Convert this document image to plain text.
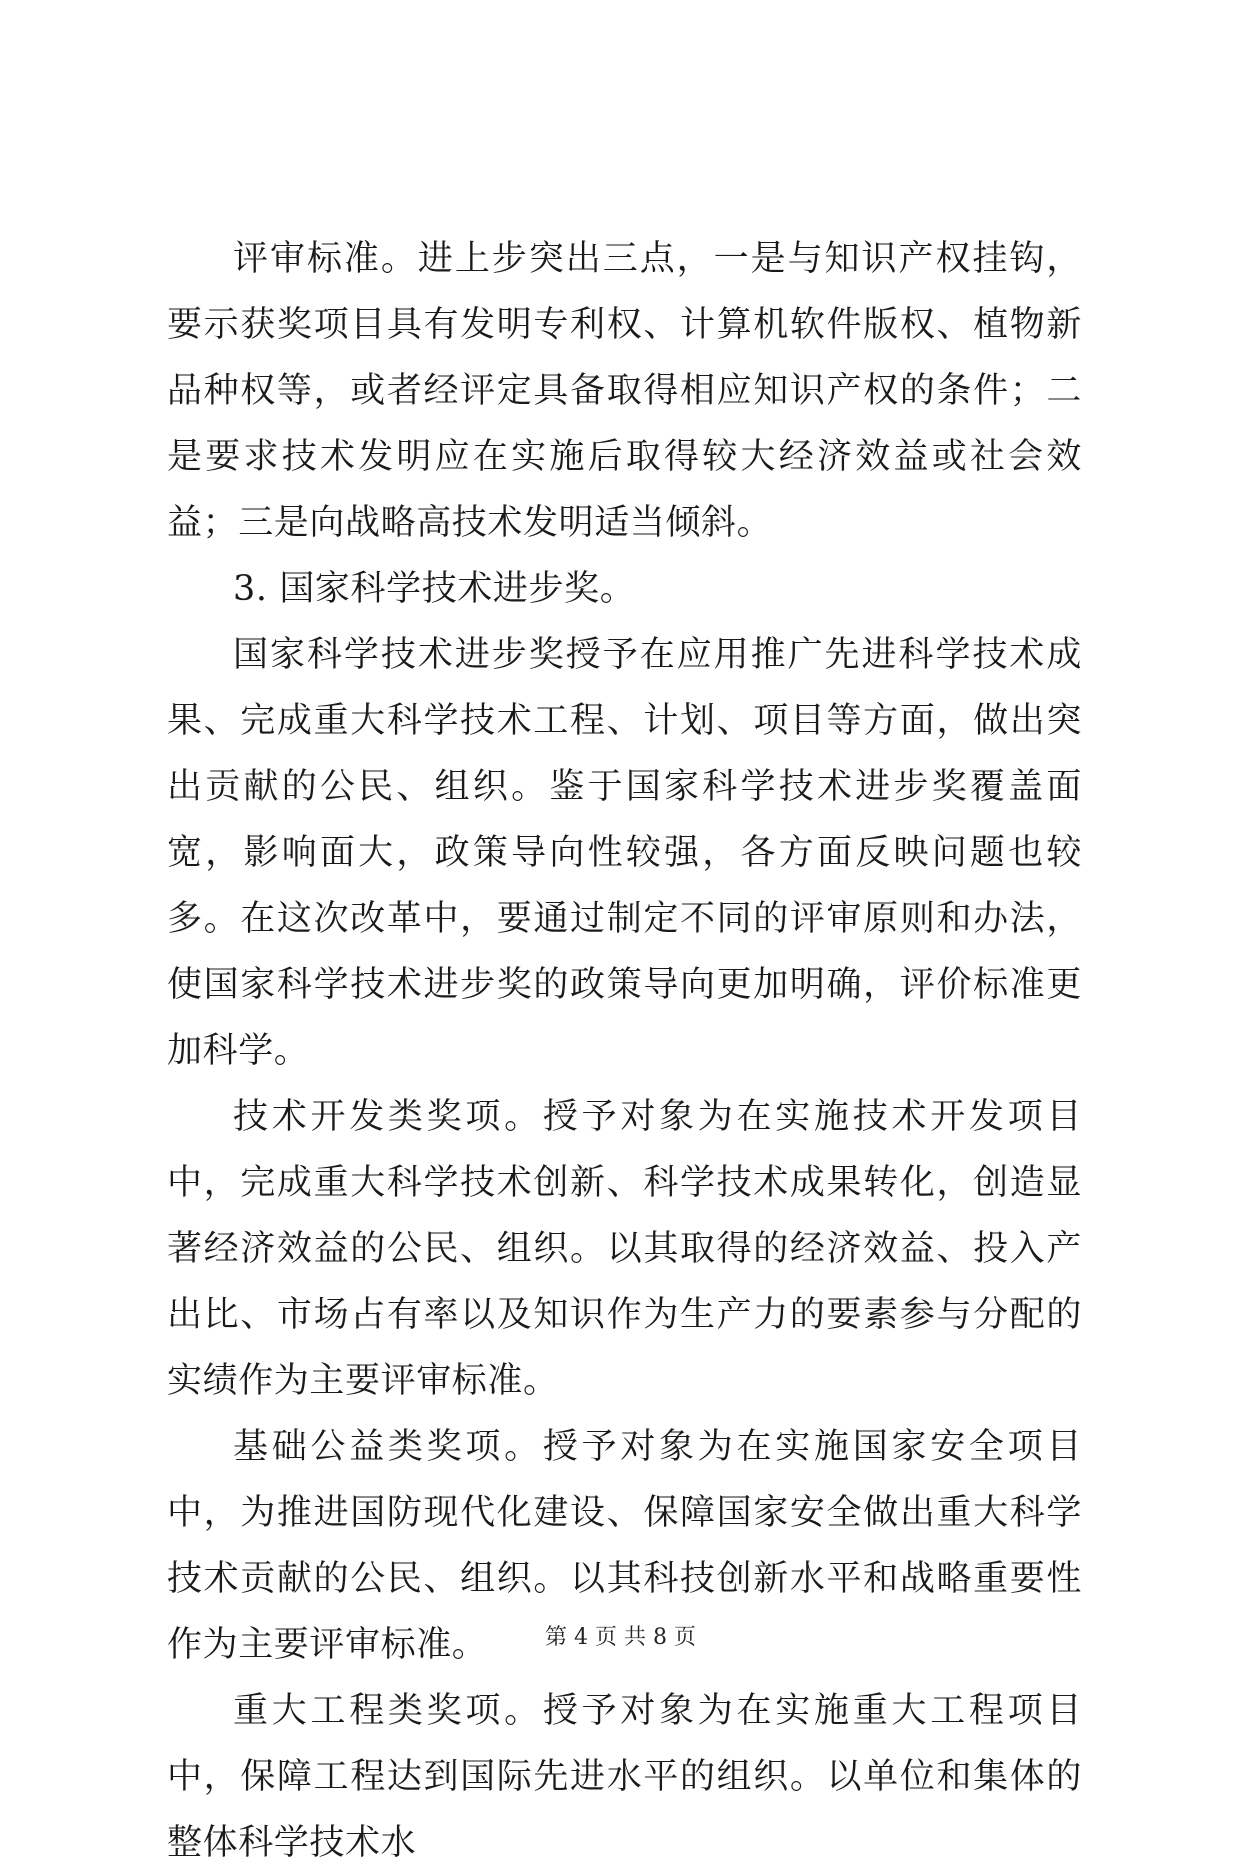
评审标准。进上步突出三点，一是与知识产权挂钩，要示获奖项目具有发明专利权、计算机软件版权、植物新品种权等，或者经评定具备取得相应知识产权的条件；二是要求技术发明应在实施后取得较大经济效益或社会效益；三是向战略高技术发明适当倾斜。

3. 国家科学技术进步奖。

国家科学技术进步奖授予在应用推广先进科学技术成果、完成重大科学技术工程、计划、项目等方面，做出突出贡献的公民、组织。鉴于国家科学技术进步奖覆盖面宽，影响面大，政策导向性较强，各方面反映问题也较多。在这次改革中，要通过制定不同的评审原则和办法，使国家科学技术进步奖的政策导向更加明确，评价标准更加科学。

技术开发类奖项。授予对象为在实施技术开发项目中，完成重大科学技术创新、科学技术成果转化，创造显著经济效益的公民、组织。以其取得的经济效益、投入产出比、市场占有率以及知识作为生产力的要素参与分配的实绩作为主要评审标准。

基础公益类奖项。授予对象为在实施国家安全项目中，为推进国防现代化建设、保障国家安全做出重大科学技术贡献的公民、组织。以其科技创新水平和战略重要性作为主要评审标准。

重大工程类奖项。授予对象为在实施重大工程项目中，保障工程达到国际先进水平的组织。以单位和集体的整体科学技术水

第 4 页 共 8 页
